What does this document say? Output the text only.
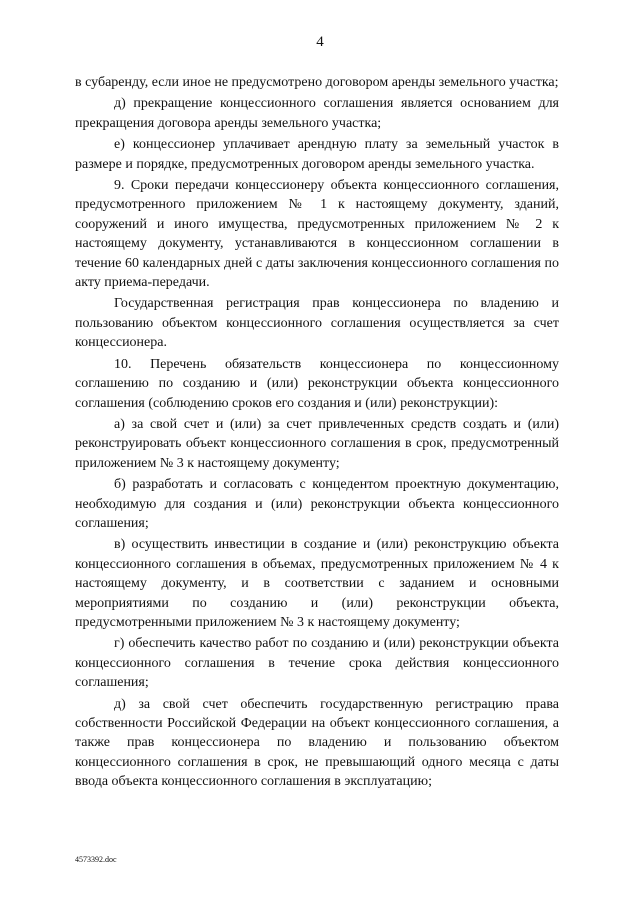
4

в субаренду, если иное не предусмотрено договором аренды земельного участка;

д) прекращение концессионного соглашения является основанием для прекращения договора аренды земельного участка;

е) концессионер уплачивает арендную плату за земельный участок в размере и порядке, предусмотренных договором аренды земельного участка.

9. Сроки передачи концессионеру объекта концессионного соглашения, предусмотренного приложением № 1 к настоящему документу, зданий, сооружений и иного имущества, предусмотренных приложением № 2 к настоящему документу, устанавливаются в концессионном соглашении в течение 60 календарных дней с даты заключения концессионного соглашения по акту приема-передачи.

Государственная регистрация прав концессионера по владению и пользованию объектом концессионного соглашения осуществляется за счет концессионера.

10. Перечень обязательств концессионера по концессионному соглашению по созданию и (или) реконструкции объекта концессионного соглашения (соблюдению сроков его создания и (или) реконструкции):

а) за свой счет и (или) за счет привлеченных средств создать и (или) реконструировать объект концессионного соглашения в срок, предусмотренный приложением № 3 к настоящему документу;

б) разработать и согласовать с концедентом проектную документацию, необходимую для создания и (или) реконструкции объекта концессионного соглашения;

в) осуществить инвестиции в создание и (или) реконструкцию объекта концессионного соглашения в объемах, предусмотренных приложением № 4 к настоящему документу, и в соответствии с заданием и основными мероприятиями по созданию и (или) реконструкции объекта, предусмотренными приложением № 3 к настоящему документу;

г) обеспечить качество работ по созданию и (или) реконструкции объекта концессионного соглашения в течение срока действия концессионного соглашения;

д) за свой счет обеспечить государственную регистрацию права собственности Российской Федерации на объект концессионного соглашения, а также прав концессионера по владению и пользованию объектом концессионного соглашения в срок, не превышающий одного месяца с даты ввода объекта концессионного соглашения в эксплуатацию;

4573392.doc
